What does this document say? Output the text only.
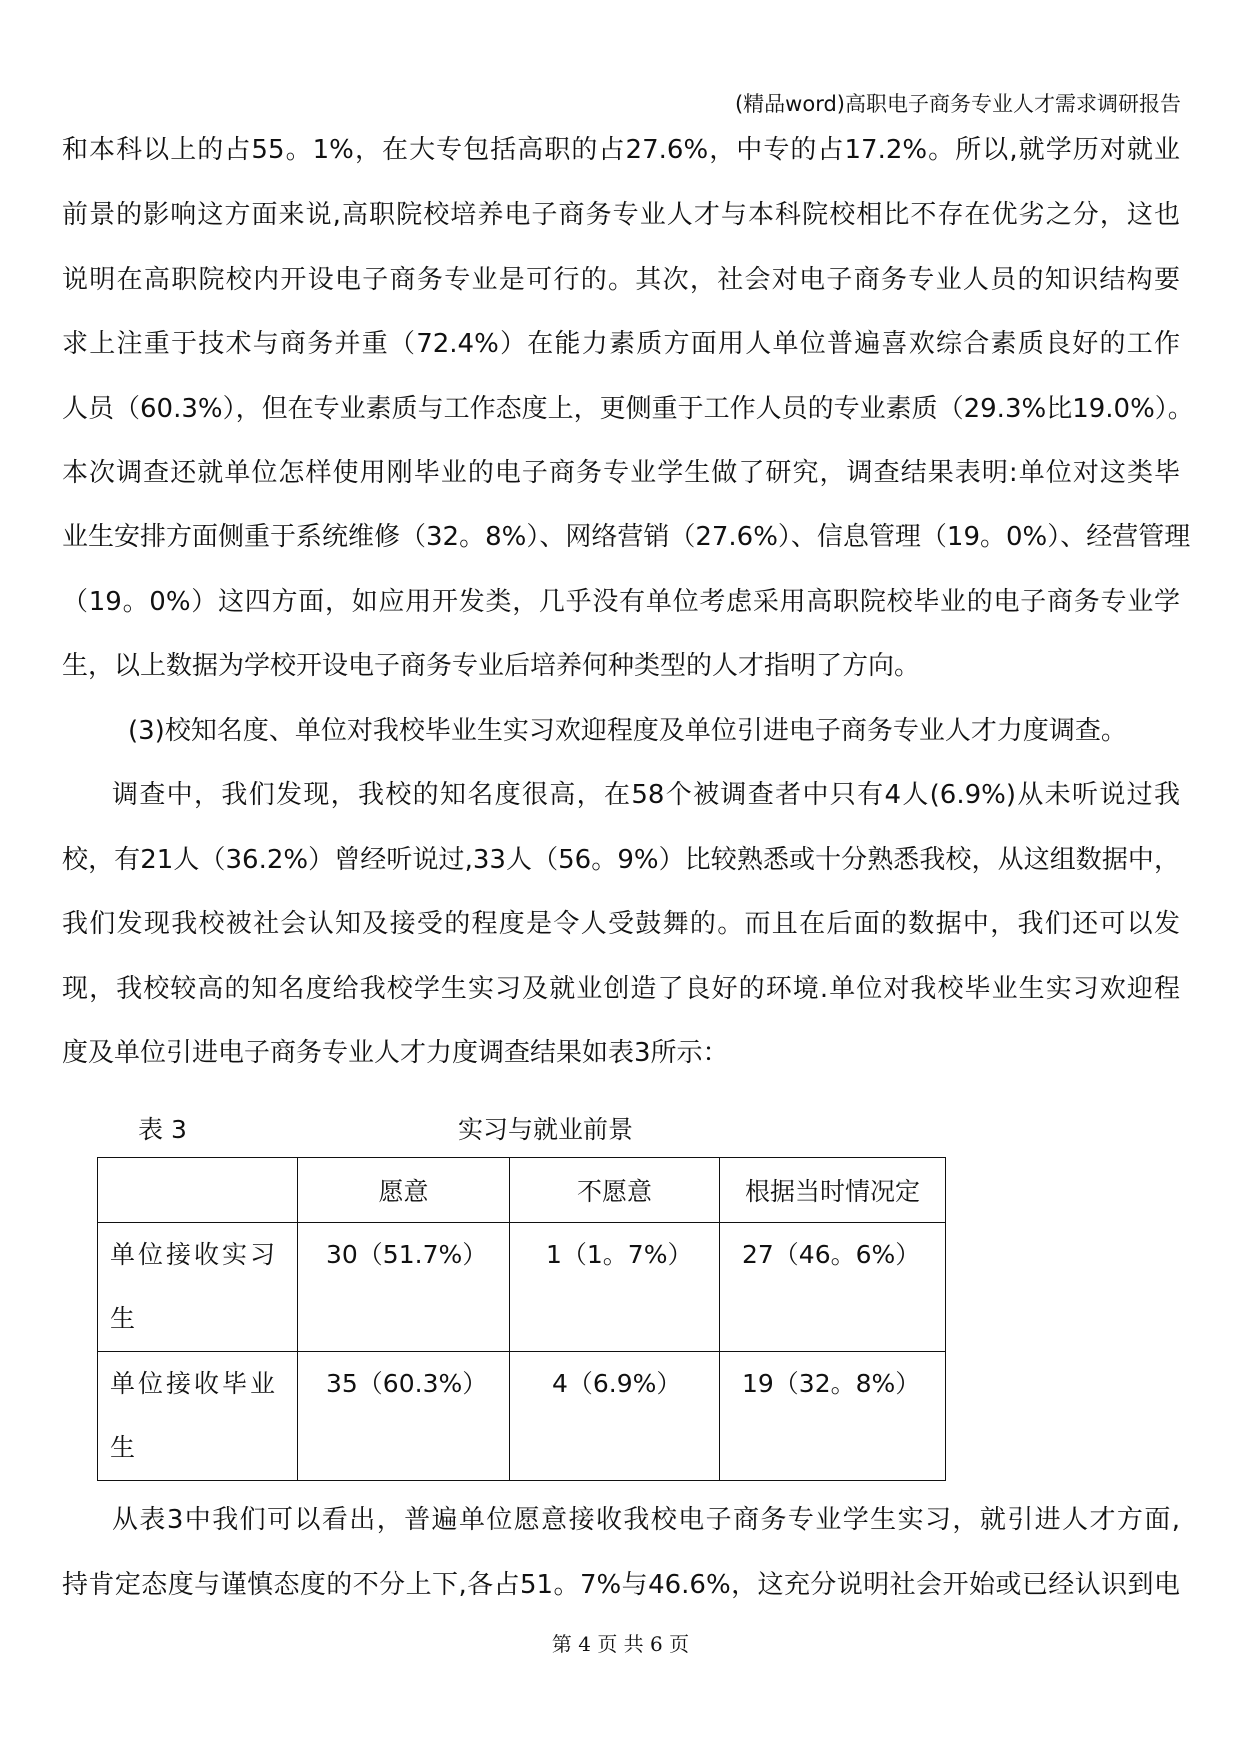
(精品word)高职电子商务专业人才需求调研报告
和本科以上的占55。1%，在大专包括高职的占27.6%，中专的占17.2%。所以,就学历对就业
前景的影响这方面来说,高职院校培养电子商务专业人才与本科院校相比不存在优劣之分，这也
说明在高职院校内开设电子商务专业是可行的。其次，社会对电子商务专业人员的知识结构要
求上注重于技术与商务并重（72.4%）在能力素质方面用人单位普遍喜欢综合素质良好的工作
人员（60.3%），但在专业素质与工作态度上，更侧重于工作人员的专业素质（29.3%比19.0%）。
本次调查还就单位怎样使用刚毕业的电子商务专业学生做了研究，调查结果表明:单位对这类毕
业生安排方面侧重于系统维修（32。8%）、网络营销（27.6%）、信息管理（19。0%）、经营管理
（19。0%）这四方面，如应用开发类，几乎没有单位考虑采用高职院校毕业的电子商务专业学
生，以上数据为学校开设电子商务专业后培养何种类型的人才指明了方向。
(3)校知名度、单位对我校毕业生实习欢迎程度及单位引进电子商务专业人才力度调查。
调查中，我们发现，我校的知名度很高，在58个被调查者中只有4人(6.9%)从未听说过我
校，有21人（36.2%）曾经听说过,33人（56。9%）比较熟悉或十分熟悉我校，从这组数据中，
我们发现我校被社会认知及接受的程度是令人受鼓舞的。而且在后面的数据中，我们还可以发
现，我校较高的知名度给我校学生实习及就业创造了良好的环境.单位对我校毕业生实习欢迎程
度及单位引进电子商务专业人才力度调查结果如表3所示：
表 3	实习与就业前景
	愿意	不愿意	根据当时情况定
单位接收实习生	30（51.7%）	1（1。7%）	27（46。6%）
单位接收毕业生	35（60.3%）	4（6.9%）	19（32。8%）
从表3中我们可以看出，普遍单位愿意接收我校电子商务专业学生实习，就引进人才方面,
持肯定态度与谨慎态度的不分上下,各占51。7%与46.6%，这充分说明社会开始或已经认识到电
第 4 页 共 6 页
